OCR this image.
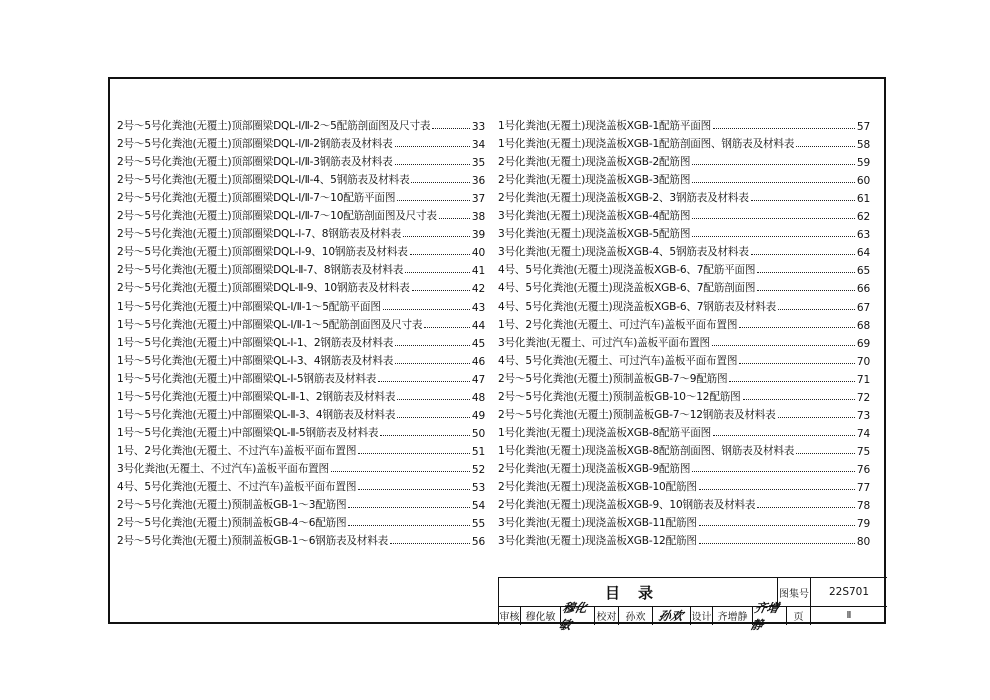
2号～5号化粪池(无覆土)顶部圈梁DQL-Ⅰ/Ⅱ-2～5配筋剖面图及尺寸表	33
2号～5号化粪池(无覆土)顶部圈梁DQL-Ⅰ/Ⅱ-2钢筋表及材料表	34
2号～5号化粪池(无覆土)顶部圈梁DQL-Ⅰ/Ⅱ-3钢筋表及材料表	35
2号～5号化粪池(无覆土)顶部圈梁DQL-Ⅰ/Ⅱ-4、5钢筋表及材料表	36
2号～5号化粪池(无覆土)顶部圈梁DQL-Ⅰ/Ⅱ-7～10配筋平面图	37
2号～5号化粪池(无覆土)顶部圈梁DQL-Ⅰ/Ⅱ-7～10配筋剖面图及尺寸表	38
2号～5号化粪池(无覆土)顶部圈梁DQL-Ⅰ-7、8钢筋表及材料表	39
2号～5号化粪池(无覆土)顶部圈梁DQL-Ⅰ-9、10钢筋表及材料表	40
2号～5号化粪池(无覆土)顶部圈梁DQL-Ⅱ-7、8钢筋表及材料表	41
2号～5号化粪池(无覆土)顶部圈梁DQL-Ⅱ-9、10钢筋表及材料表	42
1号～5号化粪池(无覆土)中部圈梁QL-Ⅰ/Ⅱ-1～5配筋平面图	43
1号～5号化粪池(无覆土)中部圈梁QL-Ⅰ/Ⅱ-1～5配筋剖面图及尺寸表	44
1号～5号化粪池(无覆土)中部圈梁QL-Ⅰ-1、2钢筋表及材料表	45
1号～5号化粪池(无覆土)中部圈梁QL-Ⅰ-3、4钢筋表及材料表	46
1号～5号化粪池(无覆土)中部圈梁QL-Ⅰ-5钢筋表及材料表	47
1号～5号化粪池(无覆土)中部圈梁QL-Ⅱ-1、2钢筋表及材料表	48
1号～5号化粪池(无覆土)中部圈梁QL-Ⅱ-3、4钢筋表及材料表	49
1号～5号化粪池(无覆土)中部圈梁QL-Ⅱ-5钢筋表及材料表	50
1号、2号化粪池(无覆土、不过汽车)盖板平面布置图	51
3号化粪池(无覆土、不过汽车)盖板平面布置图	52
4号、5号化粪池(无覆土、不过汽车)盖板平面布置图	53
2号～5号化粪池(无覆土)预制盖板GB-1～3配筋图	54
2号～5号化粪池(无覆土)预制盖板GB-4～6配筋图	55
2号～5号化粪池(无覆土)预制盖板GB-1～6钢筋表及材料表	56
1号化粪池(无覆土)现浇盖板XGB-1配筋平面图	57
1号化粪池(无覆土)现浇盖板XGB-1配筋剖面图、钢筋表及材料表	58
2号化粪池(无覆土)现浇盖板XGB-2配筋图	59
2号化粪池(无覆土)现浇盖板XGB-3配筋图	60
2号化粪池(无覆土)现浇盖板XGB-2、3钢筋表及材料表	61
3号化粪池(无覆土)现浇盖板XGB-4配筋图	62
3号化粪池(无覆土)现浇盖板XGB-5配筋图	63
3号化粪池(无覆土)现浇盖板XGB-4、5钢筋表及材料表	64
4号、5号化粪池(无覆土)现浇盖板XGB-6、7配筋平面图	65
4号、5号化粪池(无覆土)现浇盖板XGB-6、7配筋剖面图	66
4号、5号化粪池(无覆土)现浇盖板XGB-6、7钢筋表及材料表	67
1号、2号化粪池(无覆土、可过汽车)盖板平面布置图	68
3号化粪池(无覆土、可过汽车)盖板平面布置图	69
4号、5号化粪池(无覆土、可过汽车)盖板平面布置图	70
2号～5号化粪池(无覆土)预制盖板GB-7～9配筋图	71
2号～5号化粪池(无覆土)预制盖板GB-10～12配筋图	72
2号～5号化粪池(无覆土)预制盖板GB-7～12钢筋表及材料表	73
1号化粪池(无覆土)现浇盖板XGB-8配筋平面图	74
1号化粪池(无覆土)现浇盖板XGB-8配筋剖面图、钢筋表及材料表	75
2号化粪池(无覆土)现浇盖板XGB-9配筋图	76
2号化粪池(无覆土)现浇盖板XGB-10配筋图	77
2号化粪池(无覆土)现浇盖板XGB-9、10钢筋表及材料表	78
3号化粪池(无覆土)现浇盖板XGB-11配筋图	79
3号化粪池(无覆土)现浇盖板XGB-12配筋图	80
目录	图集号	22S701
审核 穆化敏
穆化敏	校对 孙欢	孙欢 设计 齐增静
齐增静	页	Ⅱ
